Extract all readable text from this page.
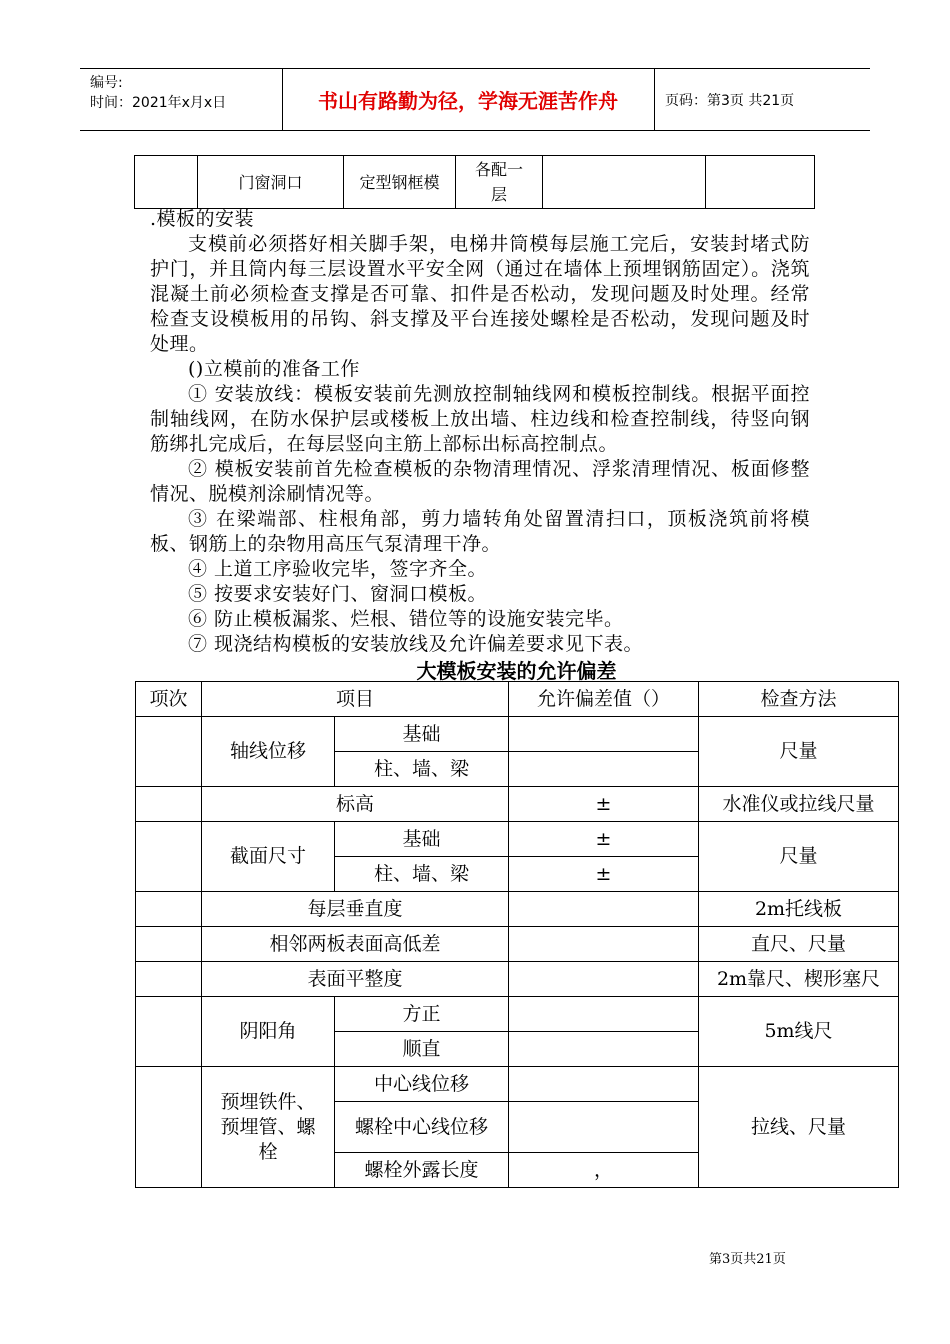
编号:
时间：2021年x月x日	书山有路勤为径，学海无涯苦作舟	页码：第3页 共21页
	门窗洞口	定型钢框模	各配一层		

.模板的安装

支模前必须搭好相关脚手架，电梯井筒模每层施工完后，安装封堵式防护门，并且筒内每三层设置水平安全网（通过在墙体上预埋钢筋固定）。浇筑混凝土前必须检查支撑是否可靠、扣件是否松动，发现问题及时处理。经常检查支设模板用的吊钩、斜支撑及平台连接处螺栓是否松动，发现问题及时处理。

()立模前的准备工作

① 安装放线：模板安装前先测放控制轴线网和模板控制线。根据平面控制轴线网，在防水保护层或楼板上放出墙、柱边线和检查控制线，待竖向钢筋绑扎完成后，在每层竖向主筋上部标出标高控制点。

② 模板安装前首先检查模板的杂物清理情况、浮浆清理情况、板面修整情况、脱模剂涂刷情况等。

③ 在梁端部、柱根角部，剪力墙转角处留置清扫口，顶板浇筑前将模板、钢筋上的杂物用高压气泵清理干净。

④ 上道工序验收完毕，签字齐全。

⑤ 按要求安装好门、窗洞口模板。

⑥ 防止模板漏浆、烂根、错位等的设施安装完毕。

⑦ 现浇结构模板的安装放线及允许偏差要求见下表。

大模板安装的允许偏差
项次	项目		允许偏差值（）	检查方法
	轴线位移	基础		尺量
		柱、墙、梁		
	标高		±	水准仪或拉线尺量
	截面尺寸	基础	±	尺量
		柱、墙、梁	±	
	每层垂直度			2m托线板
	相邻两板表面高低差			直尺、尺量
	表面平整度			2m靠尺、楔形塞尺
	阴阳角	方正		5m线尺
		顺直		
	预埋铁件、预埋管、螺栓	中心线位移		拉线、尺量
		螺栓中心线位移		
		螺栓外露长度	，	
第3页共21页
